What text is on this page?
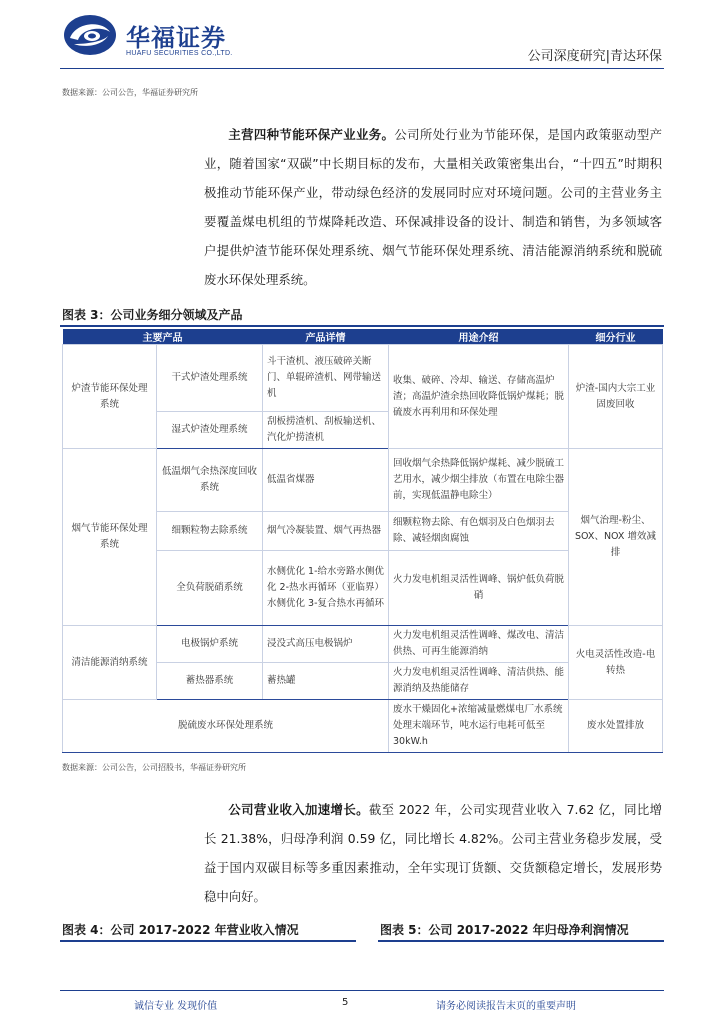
华福证券
HUAFU SECURITIES CO.,LTD.	公司深度研究|青达环保
数据来源：公司公告，华福证券研究所
主营四种节能环保产业业务。公司所处行业为节能环保，是国内政策驱动型产业，随着国家“双碳”中长期目标的发布，大量相关政策密集出台，“十四五”时期积极推动节能环保产业，带动绿色经济的发展同时应对环境问题。公司的主营业务主要覆盖煤电机组的节煤降耗改造、环保减排设备的设计、制造和销售，为多领域客户提供炉渣节能环保处理系统、烟气节能环保处理系统、清洁能源消纳系统和脱硫废水环保处理系统。
图表 3：公司业务细分领域及产品
主要产品		产品详情	用途介绍	细分行业
炉渣节能环保处理系统	干式炉渣处理系统	斗干渣机、液压破碎关断门、单辊碎渣机、网带输送机	收集、破碎、冷却、输送、存储高温炉渣；高温炉渣余热回收降低锅炉煤耗；脱硫废水再利用和环保处理	炉渣-国内大宗工业固废回收
	湿式炉渣处理系统	刮板捞渣机、刮板输送机、汽化炉捞渣机		
烟气节能环保处理系统	低温烟气余热深度回收系统	低温省煤器	回收烟气余热降低锅炉煤耗、减少脱硫工艺用水，减少烟尘排放（布置在电除尘器前，实现低温静电除尘）	烟气治理-粉尘、SOX、NOX 增效减排
	细颗粒物去除系统	烟气冷凝装置、烟气再热器	细颗粒物去除、有色烟羽及白色烟羽去除、减轻烟囱腐蚀	
	全负荷脱硝系统	水侧优化 1-给水旁路水侧优化 2-热水再循环（亚临界）水侧优化 3-复合热水再循环	火力发电机组灵活性调峰、锅炉低负荷脱硝	
清洁能源消纳系统	电极锅炉系统	浸没式高压电极锅炉	火力发电机组灵活性调峰、煤改电、清洁供热、可再生能源消纳	火电灵活性改造-电转热
	蓄热器系统	蓄热罐	火力发电机组灵活性调峰、清洁供热、能源消纳及热能储存	
脱硫废水环保处理系统			废水干燥固化+浓缩减量燃煤电厂水系统处理末端环节，吨水运行电耗可低至30kW.h	废水处置排放
数据来源：公司公告，公司招股书，华福证券研究所
公司营业收入加速增长。截至 2022 年，公司实现营业收入 7.62 亿，同比增长 21.38%，归母净利润 0.59 亿，同比增长 4.82%。公司主营业务稳步发展，受益于国内双碳目标等多重因素推动，全年实现订货额、交货额稳定增长，发展形势稳中向好。
图表 4：公司 2017-2022 年营业收入情况	图表 5：公司 2017-2022 年归母净利润情况
诚信专业 发现价值	5	请务必阅读报告末页的重要声明
